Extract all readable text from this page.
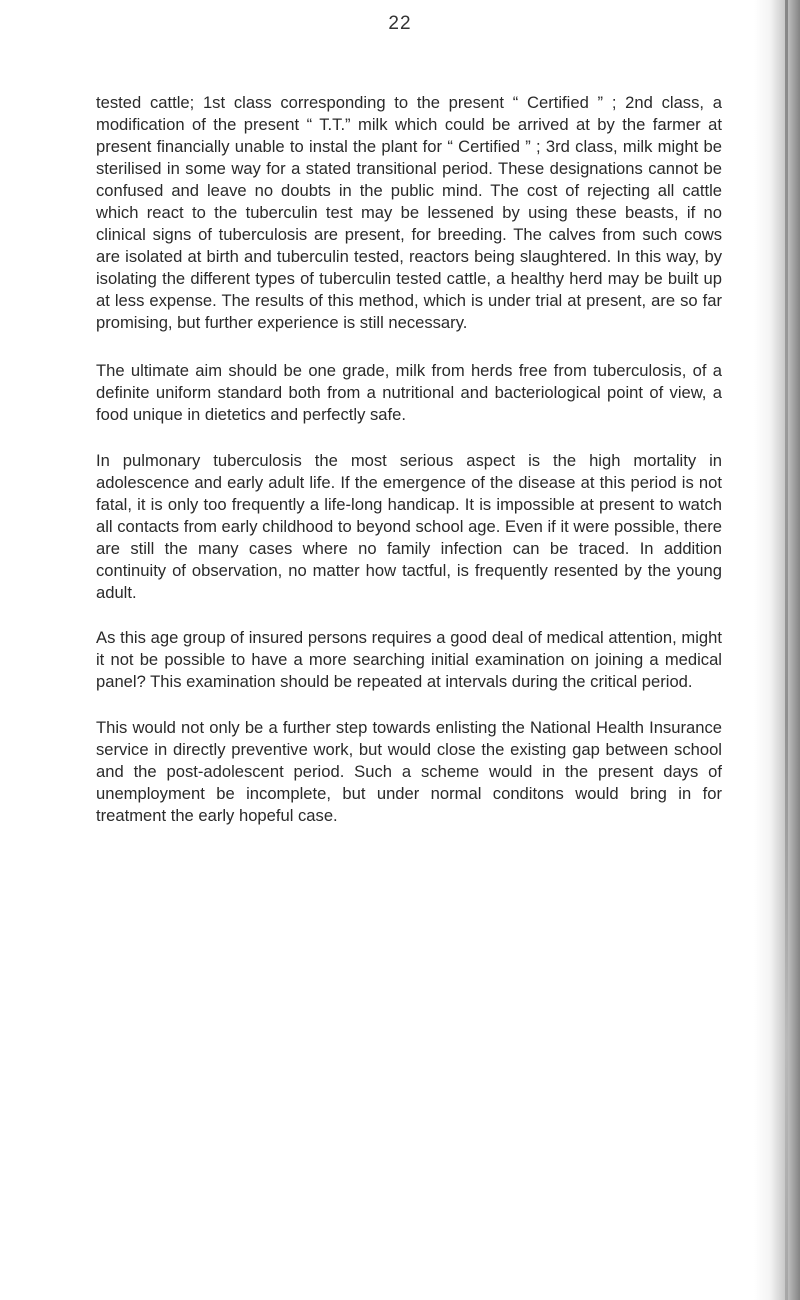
22

tested cattle; 1st class corresponding to the present “ Certified ” ; 2nd class, a modification of the present “ T.T.” milk which could be arrived at by the farmer at present financially unable to instal the plant for “ Certified ” ; 3rd class, milk might be sterilised in some way for a stated transitional period. These designations cannot be confused and leave no doubts in the public mind. The cost of rejecting all cattle which react to the tuberculin test may be lessened by using these beasts, if no clinical signs of tuberculosis are present, for breeding. The calves from such cows are isolated at birth and tuberculin tested, reactors being slaughtered. In this way, by isolating the different types of tuberculin tested cattle, a healthy herd may be built up at less expense. The results of this method, which is under trial at present, are so far promising, but further experience is still necessary.

The ultimate aim should be one grade, milk from herds free from tuberculosis, of a definite uniform standard both from a nutritional and bacteriological point of view, a food unique in dietetics and perfectly safe.

In pulmonary tuberculosis the most serious aspect is the high mortality in adolescence and early adult life. If the emergence of the disease at this period is not fatal, it is only too frequently a life-long handicap. It is impossible at present to watch all contacts from early childhood to beyond school age. Even if it were possible, there are still the many cases where no family infection can be traced. In addition continuity of observation, no matter how tactful, is frequently resented by the young adult.

As this age group of insured persons requires a good deal of medical attention, might it not be possible to have a more searching initial examination on joining a medical panel? This examination should be repeated at intervals during the critical period.

This would not only be a further step towards enlisting the National Health Insurance service in directly preventive work, but would close the existing gap between school and the post-adolescent period. Such a scheme would in the present days of unemployment be incomplete, but under normal conditons would bring in for treatment the early hopeful case.
